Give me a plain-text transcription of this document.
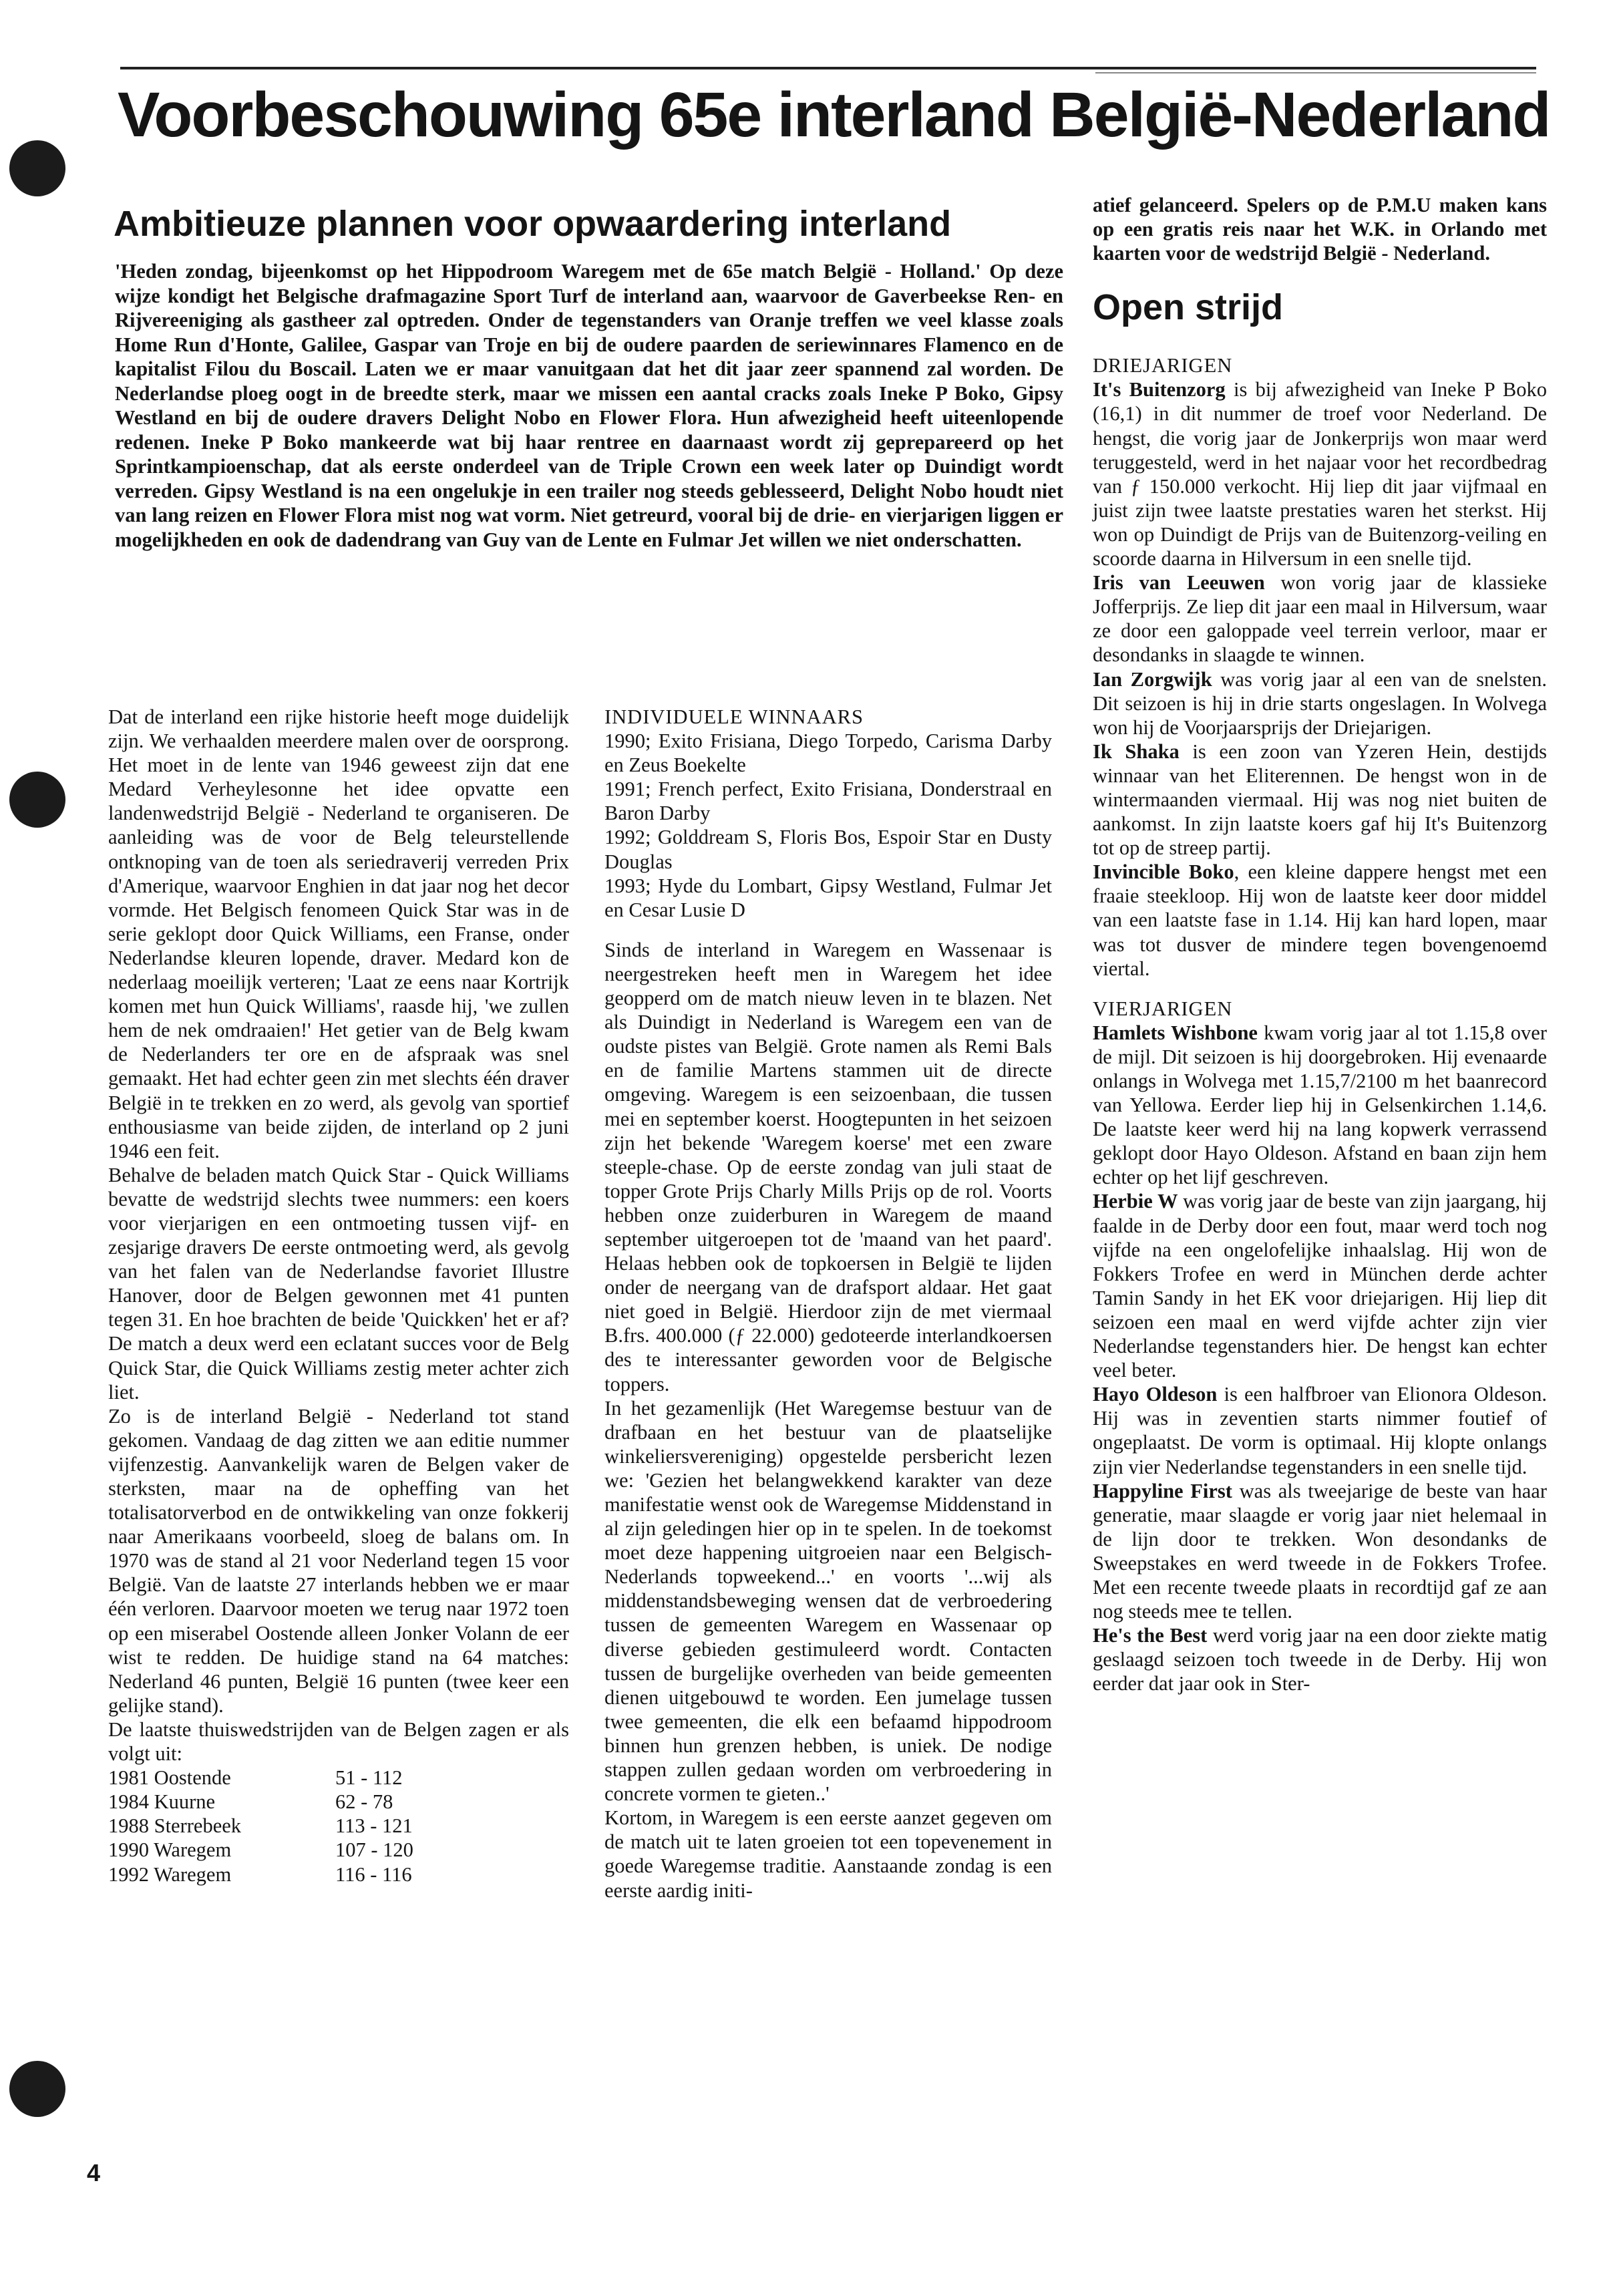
Voorbeschouwing 65e interland België-Nederland
Ambitieuze plannen voor opwaardering interland

'Heden zondag, bijeenkomst op het Hippodroom Waregem met de 65e match België - Holland.' Op deze wijze kondigt het Belgische drafmagazine Sport Turf de interland aan, waarvoor de Gaverbeekse Ren- en Rijvereeniging als gastheer zal optreden. Onder de tegenstanders van Oranje treffen we veel klasse zoals Home Run d'Honte, Galilee, Gaspar van Troje en bij de oudere paarden de seriewinnares Flamenco en de kapitalist Filou du Boscail. Laten we er maar vanuitgaan dat het dit jaar zeer spannend zal worden. De Nederlandse ploeg oogt in de breedte sterk, maar we missen een aantal cracks zoals Ineke P Boko, Gipsy Westland en bij de oudere dravers Delight Nobo en Flower Flora. Hun afwezigheid heeft uiteenlopende redenen. Ineke P Boko mankeerde wat bij haar rentree en daarnaast wordt zij geprepareerd op het Sprintkampioenschap, dat als eerste onderdeel van de Triple Crown een week later op Duindigt wordt verreden. Gipsy Westland is na een ongelukje in een trailer nog steeds geblesseerd, Delight Nobo houdt niet van lang reizen en Flower Flora mist nog wat vorm. Niet getreurd, vooral bij de drie- en vierjarigen liggen er mogelijkheden en ook de dadendrang van Guy van de Lente en Fulmar Jet willen we niet onderschatten.

Dat de interland een rijke historie heeft moge duidelijk zijn. We verhaalden meerdere malen over de oorsprong. Het moet in de lente van 1946 geweest zijn dat ene Medard Verheylesonne het idee opvatte een landenwedstrijd België - Nederland te organiseren. De aanleiding was de voor de Belg teleurstellende ontknoping van de toen als seriedraverij verreden Prix d'Amerique, waarvoor Enghien in dat jaar nog het decor vormde. Het Belgisch fenomeen Quick Star was in de serie geklopt door Quick Williams, een Franse, onder Nederlandse kleuren lopende, draver. Medard kon de nederlaag moeilijk verteren; 'Laat ze eens naar Kortrijk komen met hun Quick Williams', raasde hij, 'we zullen hem de nek omdraaien!' Het getier van de Belg kwam de Nederlanders ter ore en de afspraak was snel gemaakt. Het had echter geen zin met slechts één draver België in te trekken en zo werd, als gevolg van sportief enthousiasme van beide zijden, de interland op 2 juni 1946 een feit.

Behalve de beladen match Quick Star - Quick Williams bevatte de wedstrijd slechts twee nummers: een koers voor vierjarigen en een ontmoeting tussen vijf- en zesjarige dravers De eerste ontmoeting werd, als gevolg van het falen van de Nederlandse favoriet Illustre Hanover, door de Belgen gewonnen met 41 punten tegen 31. En hoe brachten de beide 'Quickken' het er af? De match a deux werd een eclatant succes voor de Belg Quick Star, die Quick Williams zestig meter achter zich liet.

Zo is de interland België - Nederland tot stand gekomen. Vandaag de dag zitten we aan editie nummer vijfenzestig. Aanvankelijk waren de Belgen vaker de sterksten, maar na de opheffing van het totalisatorverbod en de ontwikkeling van onze fokkerij naar Amerikaans voorbeeld, sloeg de balans om. In 1970 was de stand al 21 voor Nederland tegen 15 voor België. Van de laatste 27 interlands hebben we er maar één verloren. Daarvoor moeten we terug naar 1972 toen op een miserabel Oostende alleen Jonker Volann de eer wist te redden. De huidige stand na 64 matches: Nederland 46 punten, België 16 punten (twee keer een gelijke stand).

De laatste thuiswedstrijden van de Belgen zagen er als volgt uit:

1981 Oostende	51 - 112
1984 Kuurne	62 - 78
1988 Sterrebeek	113 - 121
1990 Waregem	107 - 120
1992 Waregem	116 - 116

INDIVIDUELE WINNAARS

1990; Exito Frisiana, Diego Torpedo, Carisma Darby en Zeus Boekelte

1991; French perfect, Exito Frisiana, Donderstraal en Baron Darby

1992; Golddream S, Floris Bos, Espoir Star en Dusty Douglas

1993; Hyde du Lombart, Gipsy Westland, Fulmar Jet en Cesar Lusie D

Sinds de interland in Waregem en Wassenaar is neergestreken heeft men in Waregem het idee geopperd om de match nieuw leven in te blazen. Net als Duindigt in Nederland is Waregem een van de oudste pistes van België. Grote namen als Remi Bals en de familie Martens stammen uit de directe omgeving. Waregem is een seizoenbaan, die tussen mei en september koerst. Hoogtepunten in het seizoen zijn het bekende 'Waregem koerse' met een zware steeple-chase. Op de eerste zondag van juli staat de topper Grote Prijs Charly Mills Prijs op de rol. Voorts hebben onze zuiderburen in Waregem de maand september uitgeroepen tot de 'maand van het paard'. Helaas hebben ook de topkoersen in België te lijden onder de neergang van de drafsport aldaar. Het gaat niet goed in België. Hierdoor zijn de met viermaal B.frs. 400.000 (ƒ 22.000) gedoteerde interlandkoersen des te interessanter geworden voor de Belgische toppers.

In het gezamenlijk (Het Waregemse bestuur van de drafbaan en het bestuur van de plaatselijke winkeliersvereniging) opgestelde persbericht lezen we: 'Gezien het belangwekkend karakter van deze manifestatie wenst ook de Waregemse Middenstand in al zijn geledingen hier op in te spelen. In de toekomst moet deze happening uitgroeien naar een Belgisch-Nederlands topweekend...' en voorts '...wij als middenstandsbeweging wensen dat de verbroedering tussen de gemeenten Waregem en Wassenaar op diverse gebieden gestimuleerd wordt. Contacten tussen de burgelijke overheden van beide gemeenten dienen uitgebouwd te worden. Een jumelage tussen twee gemeenten, die elk een befaamd hippodroom binnen hun grenzen hebben, is uniek. De nodige stappen zullen gedaan worden om verbroedering in concrete vormen te gieten..'

Kortom, in Waregem is een eerste aanzet gegeven om de match uit te laten groeien tot een topevenement in goede Waregemse traditie. Aanstaande zondag is een eerste aardig initi-

atief gelanceerd. Spelers op de P.M.U maken kans op een gratis reis naar het W.K. in Orlando met kaarten voor de wedstrijd België - Nederland.

Open strijd

DRIEJARIGEN

It's Buitenzorg is bij afwezigheid van Ineke P Boko (16,1) in dit nummer de troef voor Nederland. De hengst, die vorig jaar de Jonkerprijs won maar werd teruggesteld, werd in het najaar voor het recordbedrag van ƒ 150.000 verkocht. Hij liep dit jaar vijfmaal en juist zijn twee laatste prestaties waren het sterkst. Hij won op Duindigt de Prijs van de Buitenzorg-veiling en scoorde daarna in Hilversum in een snelle tijd.

Iris van Leeuwen won vorig jaar de klassieke Jofferprijs. Ze liep dit jaar een maal in Hilversum, waar ze door een galoppade veel terrein verloor, maar er desondanks in slaagde te winnen.

Ian Zorgwijk was vorig jaar al een van de snelsten. Dit seizoen is hij in drie starts ongeslagen. In Wolvega won hij de Voorjaarsprijs der Driejarigen.

Ik Shaka is een zoon van Yzeren Hein, destijds winnaar van het Eliterennen. De hengst won in de wintermaanden viermaal. Hij was nog niet buiten de aankomst. In zijn laatste koers gaf hij It's Buitenzorg tot op de streep partij.

Invincible Boko, een kleine dappere hengst met een fraaie steekloop. Hij won de laatste keer door middel van een laatste fase in 1.14. Hij kan hard lopen, maar was tot dusver de mindere tegen bovengenoemd viertal.

VIERJARIGEN

Hamlets Wishbone kwam vorig jaar al tot 1.15,8 over de mijl. Dit seizoen is hij doorgebroken. Hij evenaarde onlangs in Wolvega met 1.15,7/2100 m het baanrecord van Yellowa. Eerder liep hij in Gelsenkirchen 1.14,6. De laatste keer werd hij na lang kopwerk verrassend geklopt door Hayo Oldeson. Afstand en baan zijn hem echter op het lijf geschreven.

Herbie W was vorig jaar de beste van zijn jaargang, hij faalde in de Derby door een fout, maar werd toch nog vijfde na een ongelofelijke inhaalslag. Hij won de Fokkers Trofee en werd in München derde achter Tamin Sandy in het EK voor driejarigen. Hij liep dit seizoen een maal en werd vijfde achter zijn vier Nederlandse tegenstanders hier. De hengst kan echter veel beter.

Hayo Oldeson is een halfbroer van Elionora Oldeson. Hij was in zeventien starts nimmer foutief of ongeplaatst. De vorm is optimaal. Hij klopte onlangs zijn vier Nederlandse tegenstanders in een snelle tijd.

Happyline First was als tweejarige de beste van haar generatie, maar slaagde er vorig jaar niet helemaal in de lijn door te trekken. Won desondanks de Sweepstakes en werd tweede in de Fokkers Trofee. Met een recente tweede plaats in recordtijd gaf ze aan nog steeds mee te tellen.

He's the Best werd vorig jaar na een door ziekte matig geslaagd seizoen toch tweede in de Derby. Hij won eerder dat jaar ook in Ster-

4
